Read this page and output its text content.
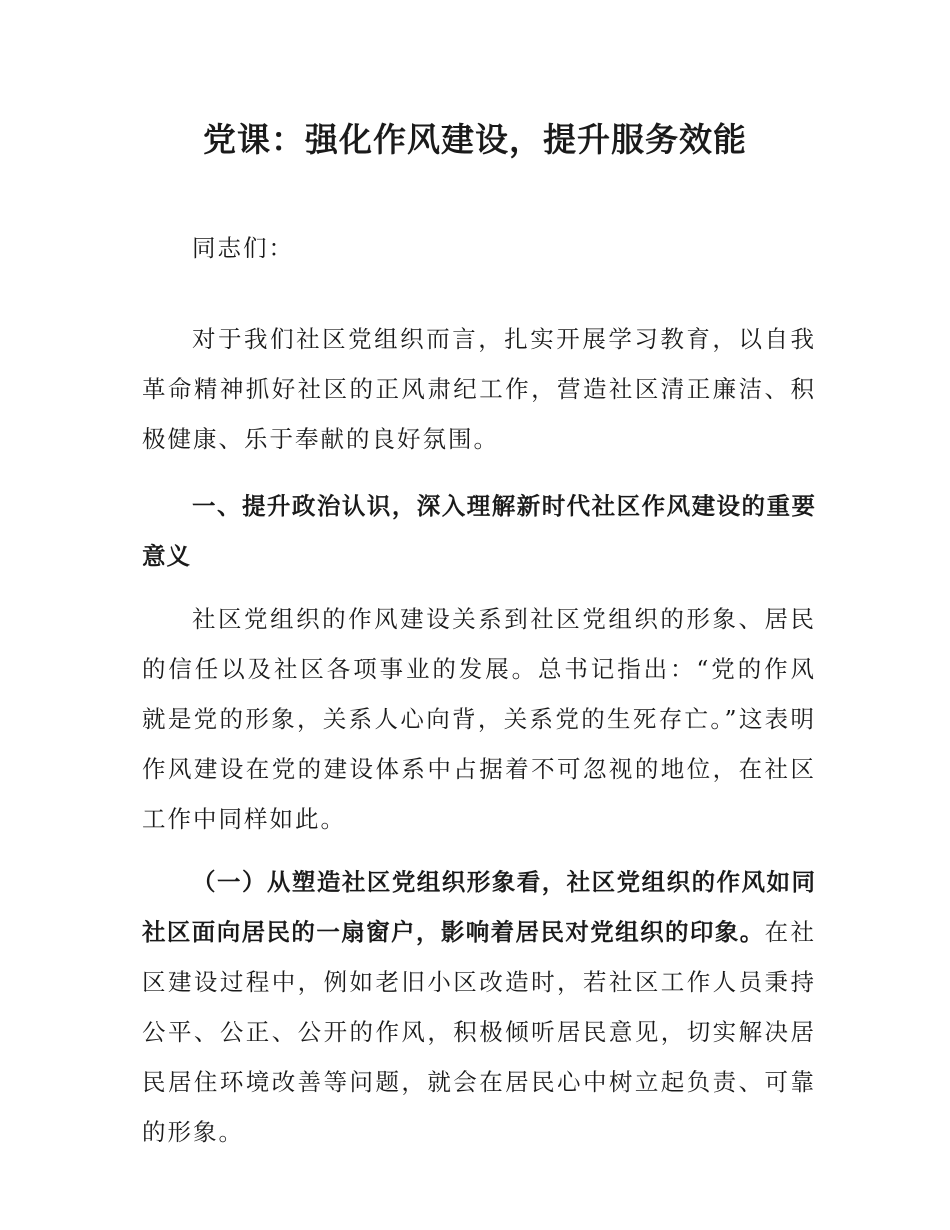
党课：强化作风建设，提升服务效能

同志们：

对于我们社区党组织而言，扎实开展学习教育，以自我革命精神抓好社区的正风肃纪工作，营造社区清正廉洁、积极健康、乐于奉献的良好氛围。

一、提升政治认识，深入理解新时代社区作风建设的重要意义

社区党组织的作风建设关系到社区党组织的形象、居民的信任以及社区各项事业的发展。总书记指出：“党的作风就是党的形象，关系人心向背，关系党的生死存亡。”这表明作风建设在党的建设体系中占据着不可忽视的地位，在社区工作中同样如此。

（一）从塑造社区党组织形象看，社区党组织的作风如同社区面向居民的一扇窗户，影响着居民对党组织的印象。在社区建设过程中，例如老旧小区改造时，若社区工作人员秉持公平、公正、公开的作风，积极倾听居民意见，切实解决居民居住环境改善等问题，就会在居民心中树立起负责、可靠的形象。
